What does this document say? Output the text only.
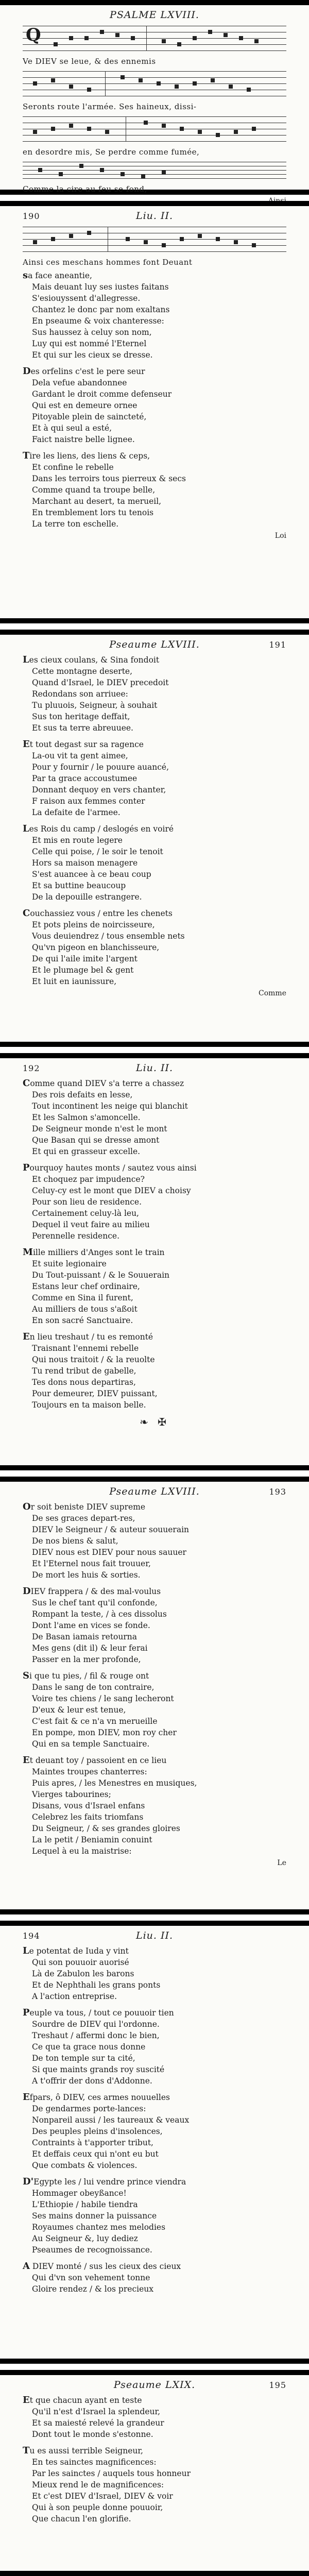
PSALME LXVIII.
Q

Ve DIEV se leue, & des ennemis

Seronts route l'armée. Ses haineux, dissi-

en desordre mis, Se perdre comme fumée,

Comme la cire au feu se fond,

190	Liu. II.

Ainsi ces meschans hommes font Deuant

sa face aneantie,

Mais deuant luy ses iustes faitans

S'esiouyssent d'allegresse.

Chantez le donc par nom exaltans

En pseaume & voix chanteresse:

Sus haussez à celuy son nom,

Luy qui est nommé l'Eternel

Et qui sur les cieux se dresse.

Des orfelins c'est le pere seur

Dela vefue abandonnee

Gardant le droit comme defenseur

Qui est en demeure ornee

Pitoyable plein de saincteté,

Et à qui seul a esté,

Faict naistre belle lignee.

Tire les liens, des liens & ceps,

Et confine le rebelle

Dans les terroirs tous pierreux & secs

Comme quand ta troupe belle,

Marchant au desert, ta merueil,

En tremblement lors tu tenois

La terre ton eschelle.

Loi
Pseaume LXVIII.	191

Les cieux coulans, & Sina fondoit

Cette montagne deserte,

Quand d'Israel, le DIEV precedoit

Redondans son arriuee:

Tu pluuois, Seigneur, à souhait

Sus ton heritage deffait,

Et sus ta terre abreuuee.

Et tout degast sur sa ragence

La-ou vit ta gent aimee,

Pour y fournir / le pouure auancé,

Par ta grace accoustumee

Donnant dequoy en vers chanter,

F raison aux femmes conter

La defaite de l'armee.

Les Rois du camp / deslogés en voiré

Et mis en route legere

Celle qui poise, / le soir le tenoit

Hors sa maison menagere

S'est auancee à ce beau coup

Et sa buttine beaucoup

De la depouille estrangere.

Couchassiez vous / entre les chenets

Et pots pleins de noircisseure,

Vous deuiendrez / tous ensemble nets

Qu'vn pigeon en blanchisseure,

De qui l'aile imite l'argent

Et le plumage bel & gent

Et luit en iaunissure,

Comme
192	Liu. II.

Comme quand DIEV s'a terre a chassez

Des rois defaits en lesse,

Tout incontinent les neige qui blanchit

Et les Salmon s'amoncelle.

De Seigneur monde n'est le mont

Que Basan qui se dresse amont

Et qui en grasseur excelle.

Pourquoy hautes monts / sautez vous ainsi

Et choquez par impudence?

Celuy-cy est le mont que DIEV a choisy

Pour son lieu de residence.

Certainement celuy-là leu,

Dequel il veut faire au milieu

Perennelle residence.

Mille milliers d'Anges sont le train

Et suite legionaire

Du Tout-puissant / & le Souuerain

Estans leur chef ordinaire,

Comme en Sina il furent,

Au milliers de tous s'aßoit

En son sacré Sanctuaire.

En lieu treshaut / tu es remonté

Traisnant l'ennemi rebelle

Qui nous traitoit / & la reuolte

Tu rend tribut de gabelle,

Tes dons nous departiras,

Pour demeurer, DIEV puissant,

Toujours en ta maison belle.

❧ ✠
Pseaume LXVIII.	193

Or soit beniste DIEV supreme

De ses graces depart-res,

DIEV le Seigneur / & auteur souuerain

De nos biens & salut,

DIEV nous est DIEV pour nous sauuer

Et l'Eternel nous fait trouuer,

De mort les huis & sorties.

DIEV frappera / & des mal-voulus

Sus le chef tant qu'il confonde,

Rompant la teste, / à ces dissolus

Dont l'ame en vices se fonde.

De Basan iamais retourna

Mes gens (dit il) & leur ferai

Passer en la mer profonde,

Si que tu pies, / fil & rouge ont

Dans le sang de ton contraire,

Voire tes chiens / le sang lecheront

D'eux & leur est tenue,

C'est fait & ce n'a vn merueille

En pompe, mon DIEV, mon roy cher

Qui en sa temple Sanctuaire.

Et deuant toy / passoient en ce lieu

Maintes troupes chanterres:

Puis apres, / les Menestres en musiques,

Vierges tabourines;

Disans, vous d'Israel enfans

Celebrez les faits triomfans

Du Seigneur, / & ses grandes gloires

La le petit / Beniamin conuint

Lequel à eu la maistrise:

Le
194	Liu. II.

Le potentat de Iuda y vint

Qui son pouuoir auorisé

Là de Zabulon les barons

Et de Nephthali les grans ponts

A l'action entreprise.

Peuple va tous, / tout ce pouuoir tien

Sourdre de DIEV qui l'ordonne.

Treshaut / affermi donc le bien,

Ce que ta grace nous donne

De ton temple sur ta cité,

Si que maints grands roy suscité

A t'offrir der dons d'Addonne.

Efpars, ô DIEV, ces armes nouuelles

De gendarmes porte-lances:

Nonpareil aussi / les taureaux & veaux

Des peuples pleins d'insolences,

Contraints à t'apporter tribut,

Et deffais ceux qui n'ont eu but

Que combats & violences.

D'Egypte les / lui vendre prince viendra

Hommager obeyßance!

L'Ethiopie / habile tiendra

Ses mains donner la puissance

Royaumes chantez mes melodies

Au Seigneur &, luy dediez

Pseaumes de recognoissance.

A DIEV monté / sus les cieux des cieux

Qui d'vn son vehement tonne

Gloire rendez / & los precieux

Pseaume LXIX.	195

Et que chacun ayant en teste

Qu'il n'est d'Israel la splendeur,

Et sa maiesté relevé la grandeur

Dont tout le monde s'estonne.

Tu es aussi terrible Seigneur,

En tes sainctes magnificences:

Par les sainctes / auquels tous honneur

Mieux rend le de magnificences:

Et c'est DIEV d'Israel, DIEV & voir

Qui à son peuple donne pouuoir,

Que chacun l'en glorifie.
